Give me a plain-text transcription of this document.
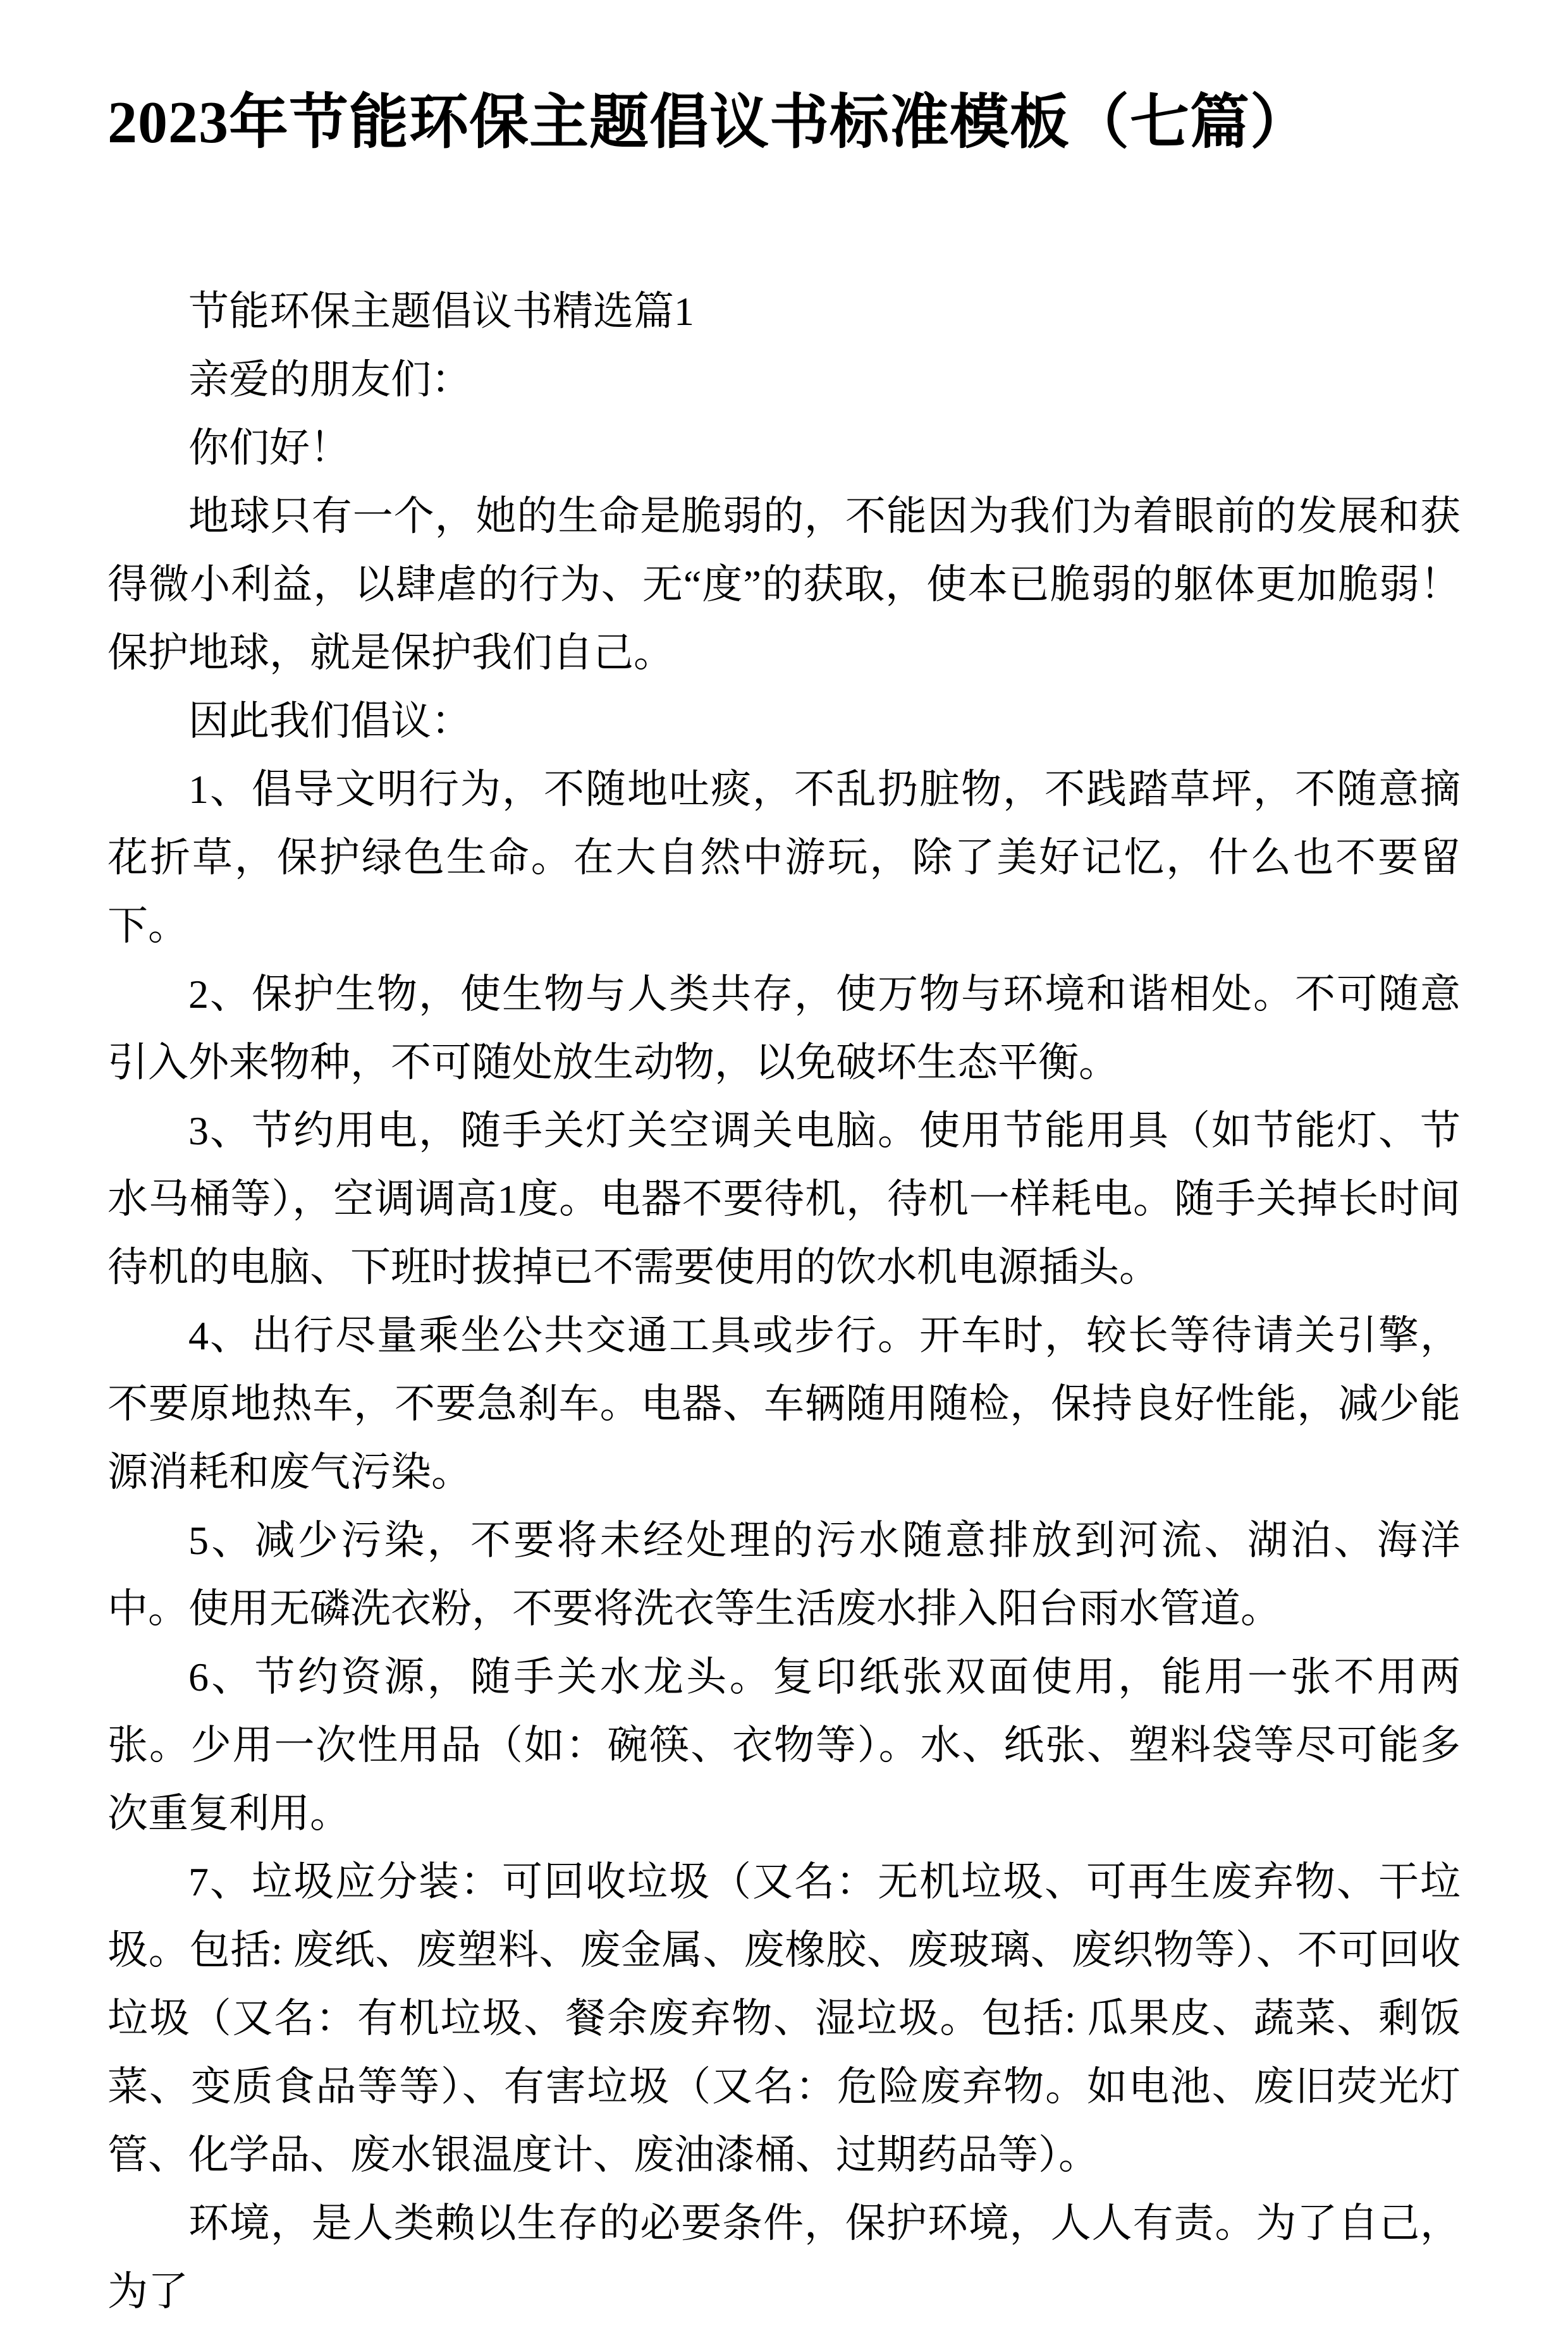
2023年节能环保主题倡议书标准模板（七篇）

节能环保主题倡议书精选篇1

亲爱的朋友们：

你们好！

地球只有一个，她的生命是脆弱的，不能因为我们为着眼前的发展和获得微小利益，以肆虐的行为、无“度”的获取，使本已脆弱的躯体更加脆弱！保护地球，就是保护我们自己。

因此我们倡议：

1、倡导文明行为，不随地吐痰，不乱扔脏物，不践踏草坪，不随意摘花折草，保护绿色生命。在大自然中游玩，除了美好记忆，什么也不要留下。

2、保护生物，使生物与人类共存，使万物与环境和谐相处。不可随意引入外来物种，不可随处放生动物，以免破坏生态平衡。

3、节约用电，随手关灯关空调关电脑。使用节能用具（如节能灯、节水马桶等），空调调高1度。电器不要待机，待机一样耗电。随手关掉长时间待机的电脑、下班时拔掉已不需要使用的饮水机电源插头。

4、出行尽量乘坐公共交通工具或步行。开车时，较长等待请关引擎，不要原地热车，不要急刹车。电器、车辆随用随检，保持良好性能，减少能源消耗和废气污染。

5、减少污染，不要将未经处理的污水随意排放到河流、湖泊、海洋中。使用无磷洗衣粉，不要将洗衣等生活废水排入阳台雨水管道。

6、节约资源，随手关水龙头。复印纸张双面使用，能用一张不用两张。少用一次性用品（如：碗筷、衣物等）。水、纸张、塑料袋等尽可能多次重复利用。

7、垃圾应分装：可回收垃圾（又名：无机垃圾、可再生废弃物、干垃圾。包括: 废纸、废塑料、废金属、废橡胶、废玻璃、废织物等）、不可回收垃圾（又名：有机垃圾、餐余废弃物、湿垃圾。包括: 瓜果皮、蔬菜、剩饭菜、变质食品等等）、有害垃圾（又名：危险废弃物。如电池、废旧荧光灯管、化学品、废水银温度计、废油漆桶、过期药品等）。

环境，是人类赖以生存的必要条件，保护环境，人人有责。为了自己，为了
